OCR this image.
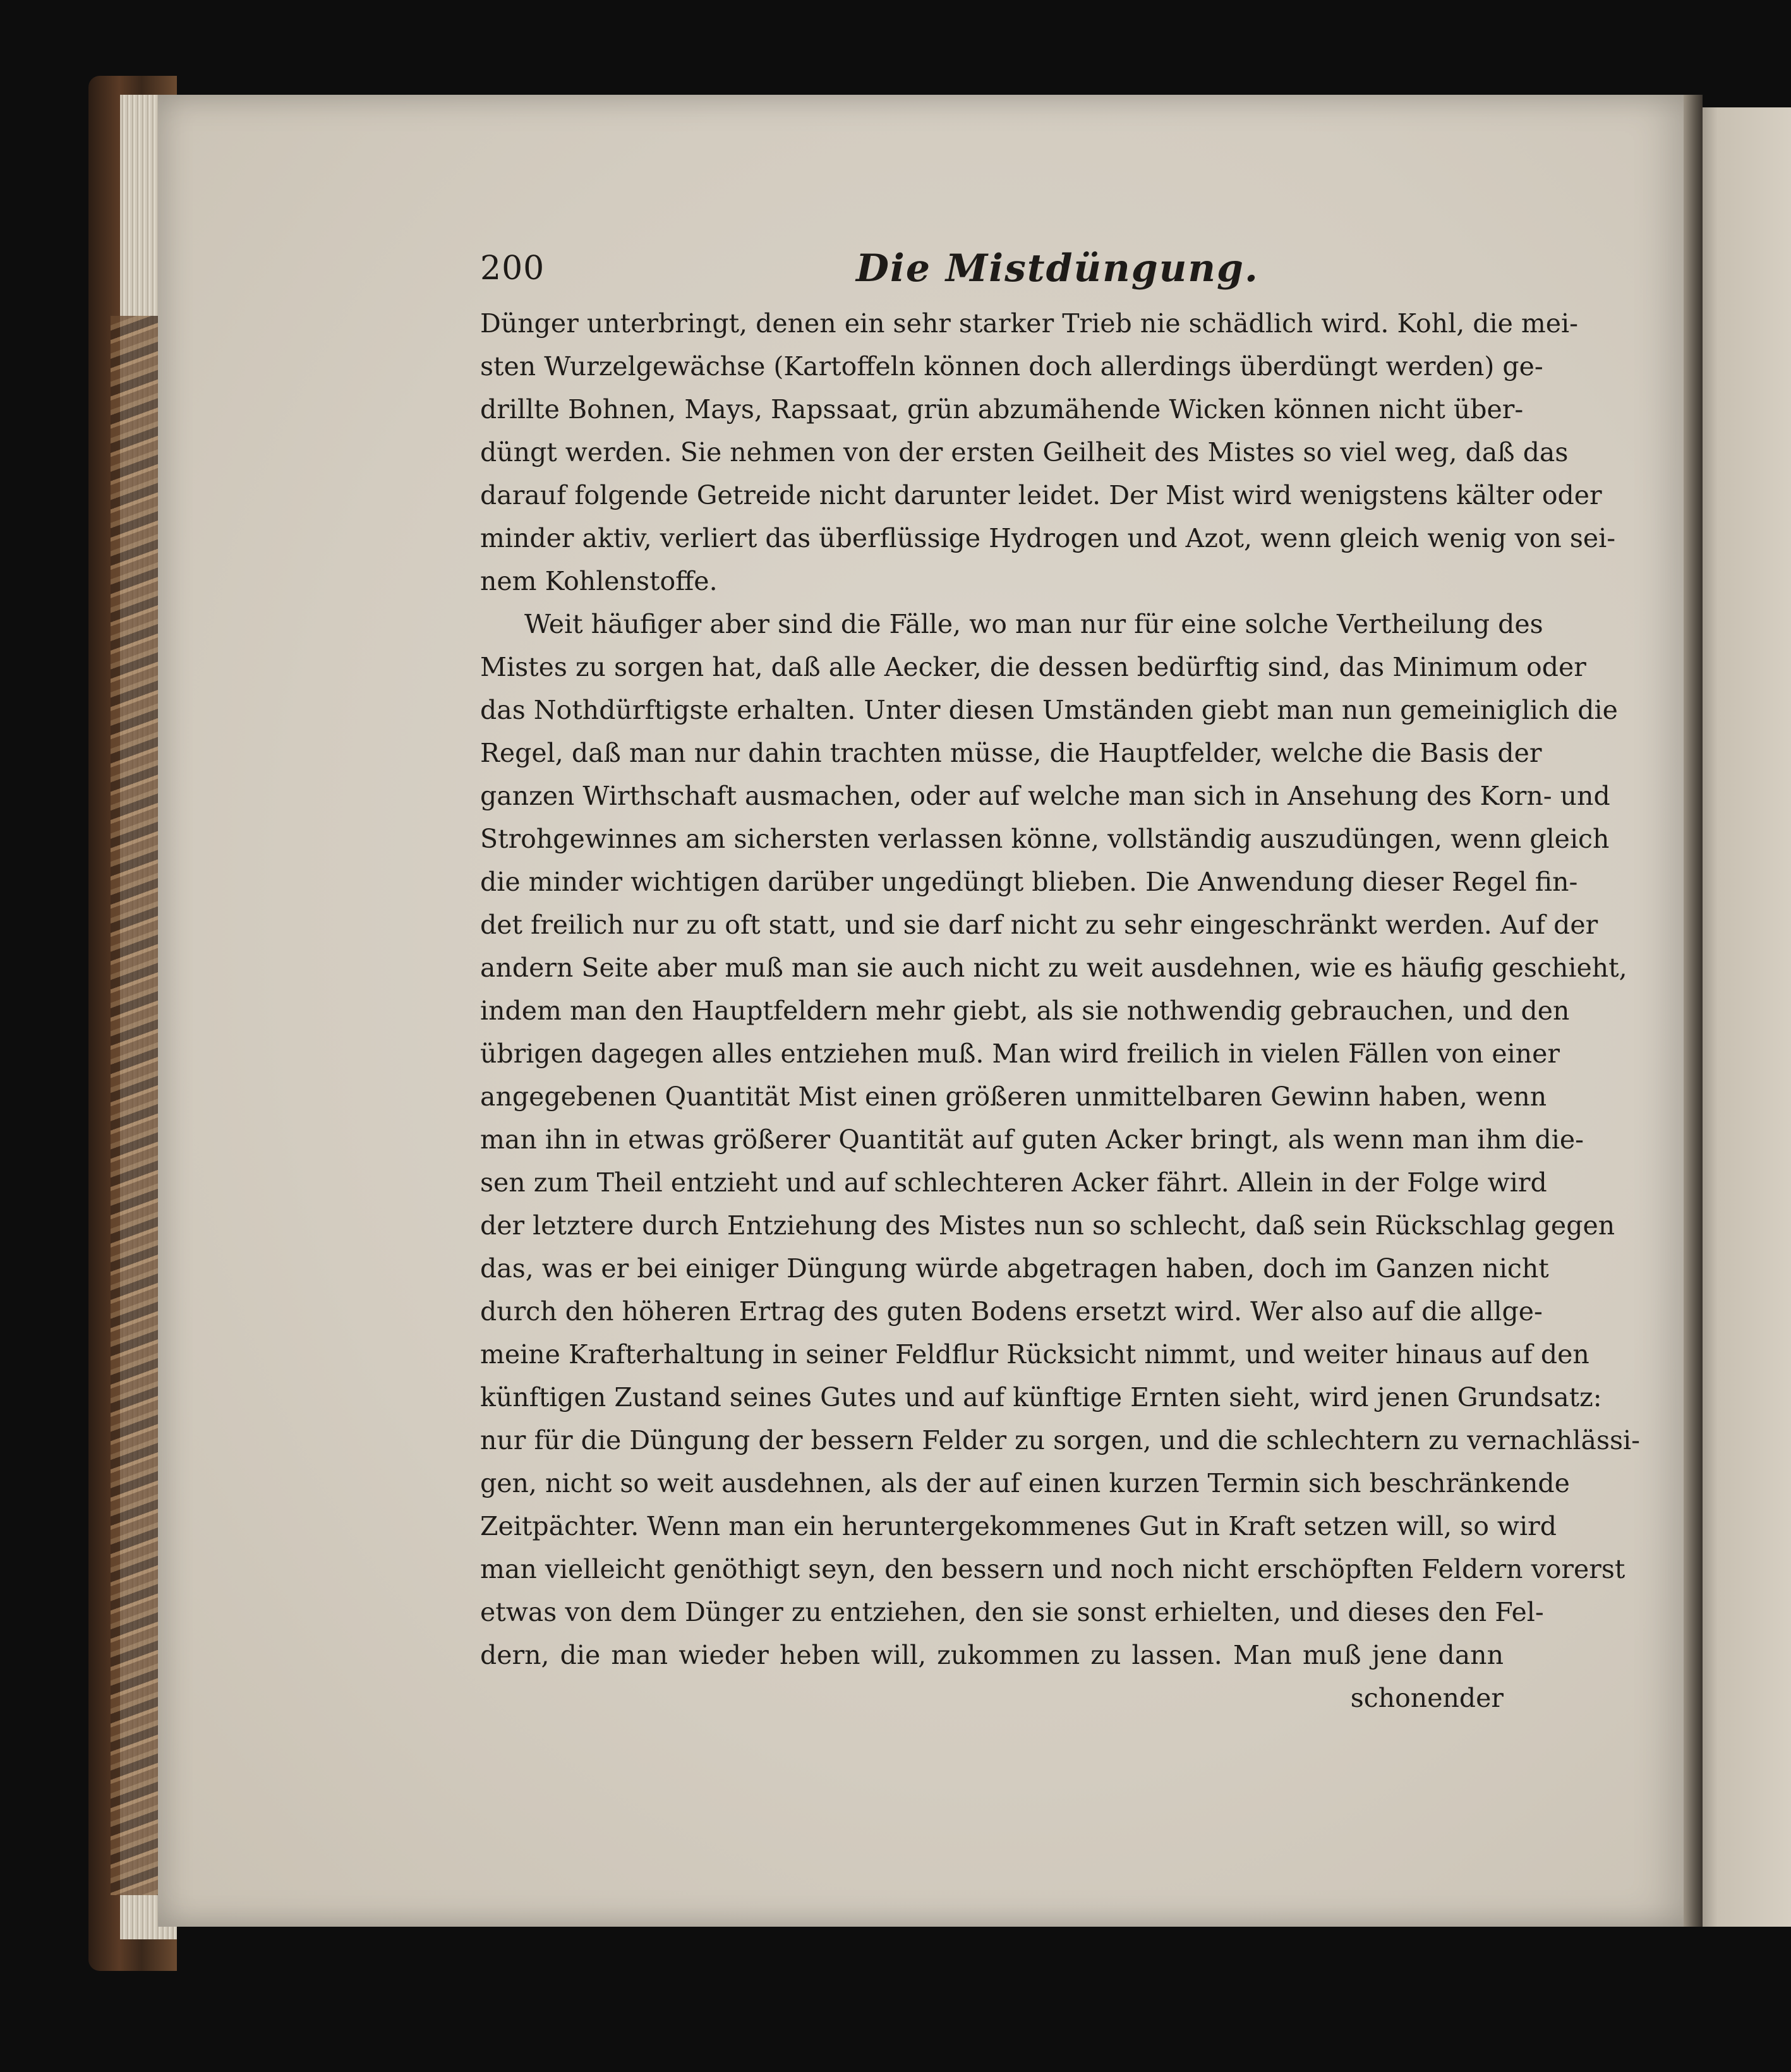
200	Die Mistdüngung.
Dünger unterbringt, denen ein sehr starker Trieb nie schädlich wird. Kohl, die mei-
sten Wurzelgewächse (Kartoffeln können doch allerdings überdüngt werden) ge-
drillte Bohnen, Mays, Rapssaat, grün abzumähende Wicken können nicht über-
düngt werden. Sie nehmen von der ersten Geilheit des Mistes so viel weg, daß das
darauf folgende Getreide nicht darunter leidet. Der Mist wird wenigstens kälter oder
minder aktiv, verliert das überflüssige Hydrogen und Azot, wenn gleich wenig von sei-
nem Kohlenstoffe.
Weit häufiger aber sind die Fälle, wo man nur für eine solche Vertheilung des
Mistes zu sorgen hat, daß alle Aecker, die dessen bedürftig sind, das Minimum oder
das Nothdürftigste erhalten. Unter diesen Umständen giebt man nun gemeiniglich die
Regel, daß man nur dahin trachten müsse, die Hauptfelder, welche die Basis der
ganzen Wirthschaft ausmachen, oder auf welche man sich in Ansehung des Korn- und
Strohgewinnes am sichersten verlassen könne, vollständig auszudüngen, wenn gleich
die minder wichtigen darüber ungedüngt blieben. Die Anwendung dieser Regel fin-
det freilich nur zu oft statt, und sie darf nicht zu sehr eingeschränkt werden. Auf der
andern Seite aber muß man sie auch nicht zu weit ausdehnen, wie es häufig geschieht,
indem man den Hauptfeldern mehr giebt, als sie nothwendig gebrauchen, und den
übrigen dagegen alles entziehen muß. Man wird freilich in vielen Fällen von einer
angegebenen Quantität Mist einen größeren unmittelbaren Gewinn haben, wenn
man ihn in etwas größerer Quantität auf guten Acker bringt, als wenn man ihm die-
sen zum Theil entzieht und auf schlechteren Acker fährt. Allein in der Folge wird
der letztere durch Entziehung des Mistes nun so schlecht, daß sein Rückschlag gegen
das, was er bei einiger Düngung würde abgetragen haben, doch im Ganzen nicht
durch den höheren Ertrag des guten Bodens ersetzt wird. Wer also auf die allge-
meine Krafterhaltung in seiner Feldflur Rücksicht nimmt, und weiter hinaus auf den
künftigen Zustand seines Gutes und auf künftige Ernten sieht, wird jenen Grundsatz:
nur für die Düngung der bessern Felder zu sorgen, und die schlechtern zu vernachlässi-
gen, nicht so weit ausdehnen, als der auf einen kurzen Termin sich beschränkende
Zeitpächter. Wenn man ein heruntergekommenes Gut in Kraft setzen will, so wird
man vielleicht genöthigt seyn, den bessern und noch nicht erschöpften Feldern vorerst
etwas von dem Dünger zu entziehen, den sie sonst erhielten, und dieses den Fel-
dern, die man wieder heben will, zukommen zu lassen. Man muß jene dann
schonender
